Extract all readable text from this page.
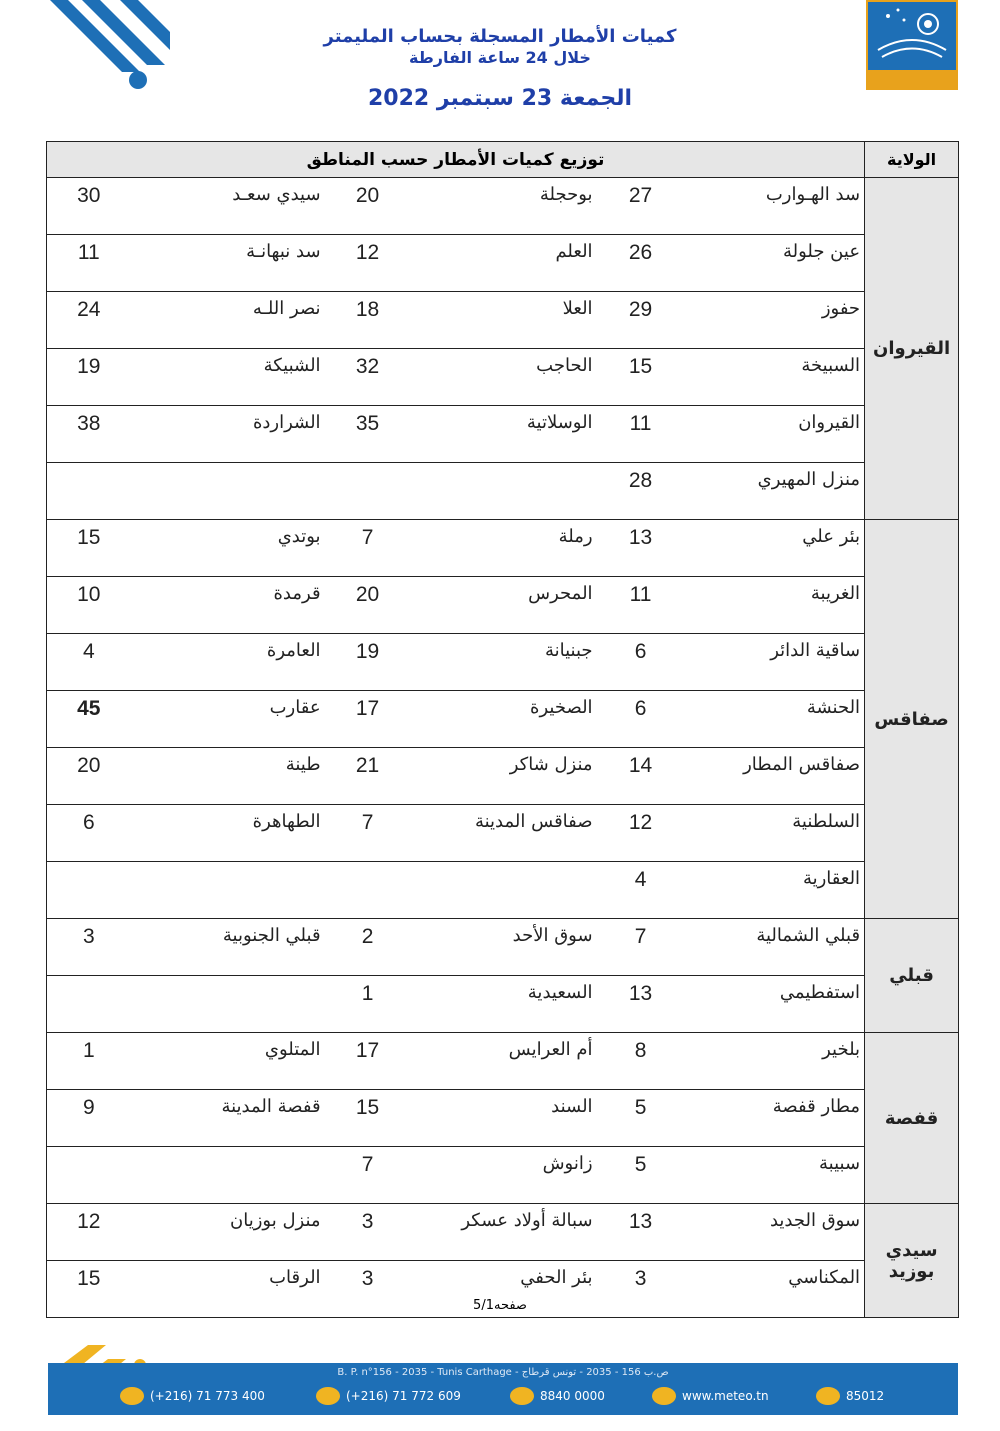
كميات الأمطار المسجلة بحساب المليمتر
خلال 24 ساعة الفارطة
الجمعة 23 سبتمبر 2022
الولاية	توزيع كميات الأمطار حسب المناطق					
القيروان	سد الهـوارب	27	بوحجلة	20	سيدي سعـد	30
	عين جلولة	26	العلم	12	سد نبهانـة	11
	حفوز	29	العلا	18	نصر اللـه	24
	السبيخة	15	الحاجب	32	الشبيكة	19
	القيروان	11	الوسلاتية	35	الشراردة	38
	منزل المهيري	28				
صفاقس	بئر علي	13	رملة	7	بوتدي	15
	الغريبة	11	المحرس	20	قرمدة	10
	ساقية الدائر	6	جبنيانة	19	العامرة	4
	الحنشة	6	الصخيرة	17	عقارب	45
	صفاقس المطار	14	منزل شاكر	21	طينة	20
	السلطنية	12	صفاقس المدينة	7	الطهاهرة	6
	العقارية	4				
قبلي	قبلي الشمالية	7	سوق الأحد	2	قبلي الجنوبية	3
	استفطيمي	13	السعيدية	1		
قفصة	بلخير	8	أم العرايس	17	المتلوي	1
	مطار قفصة	5	السند	15	قفصة المدينة	9
	سبيبة	5	زانوش	7		
سيدي بوزيد	سوق الجديد	13	سبالة أولاد عسكر	3	منزل بوزيان	12
	المكناسي	3	بئر الحفي	3	الرقاب	15
صفحه5/1
B. P. n°156 - 2035 - Tunis Carthage - ص.ب 156 - 2035 - تونس قرطاج
(+216) 71 773 400	(+216) 71 772 609	8840 0000	www.meteo.tn	85012
